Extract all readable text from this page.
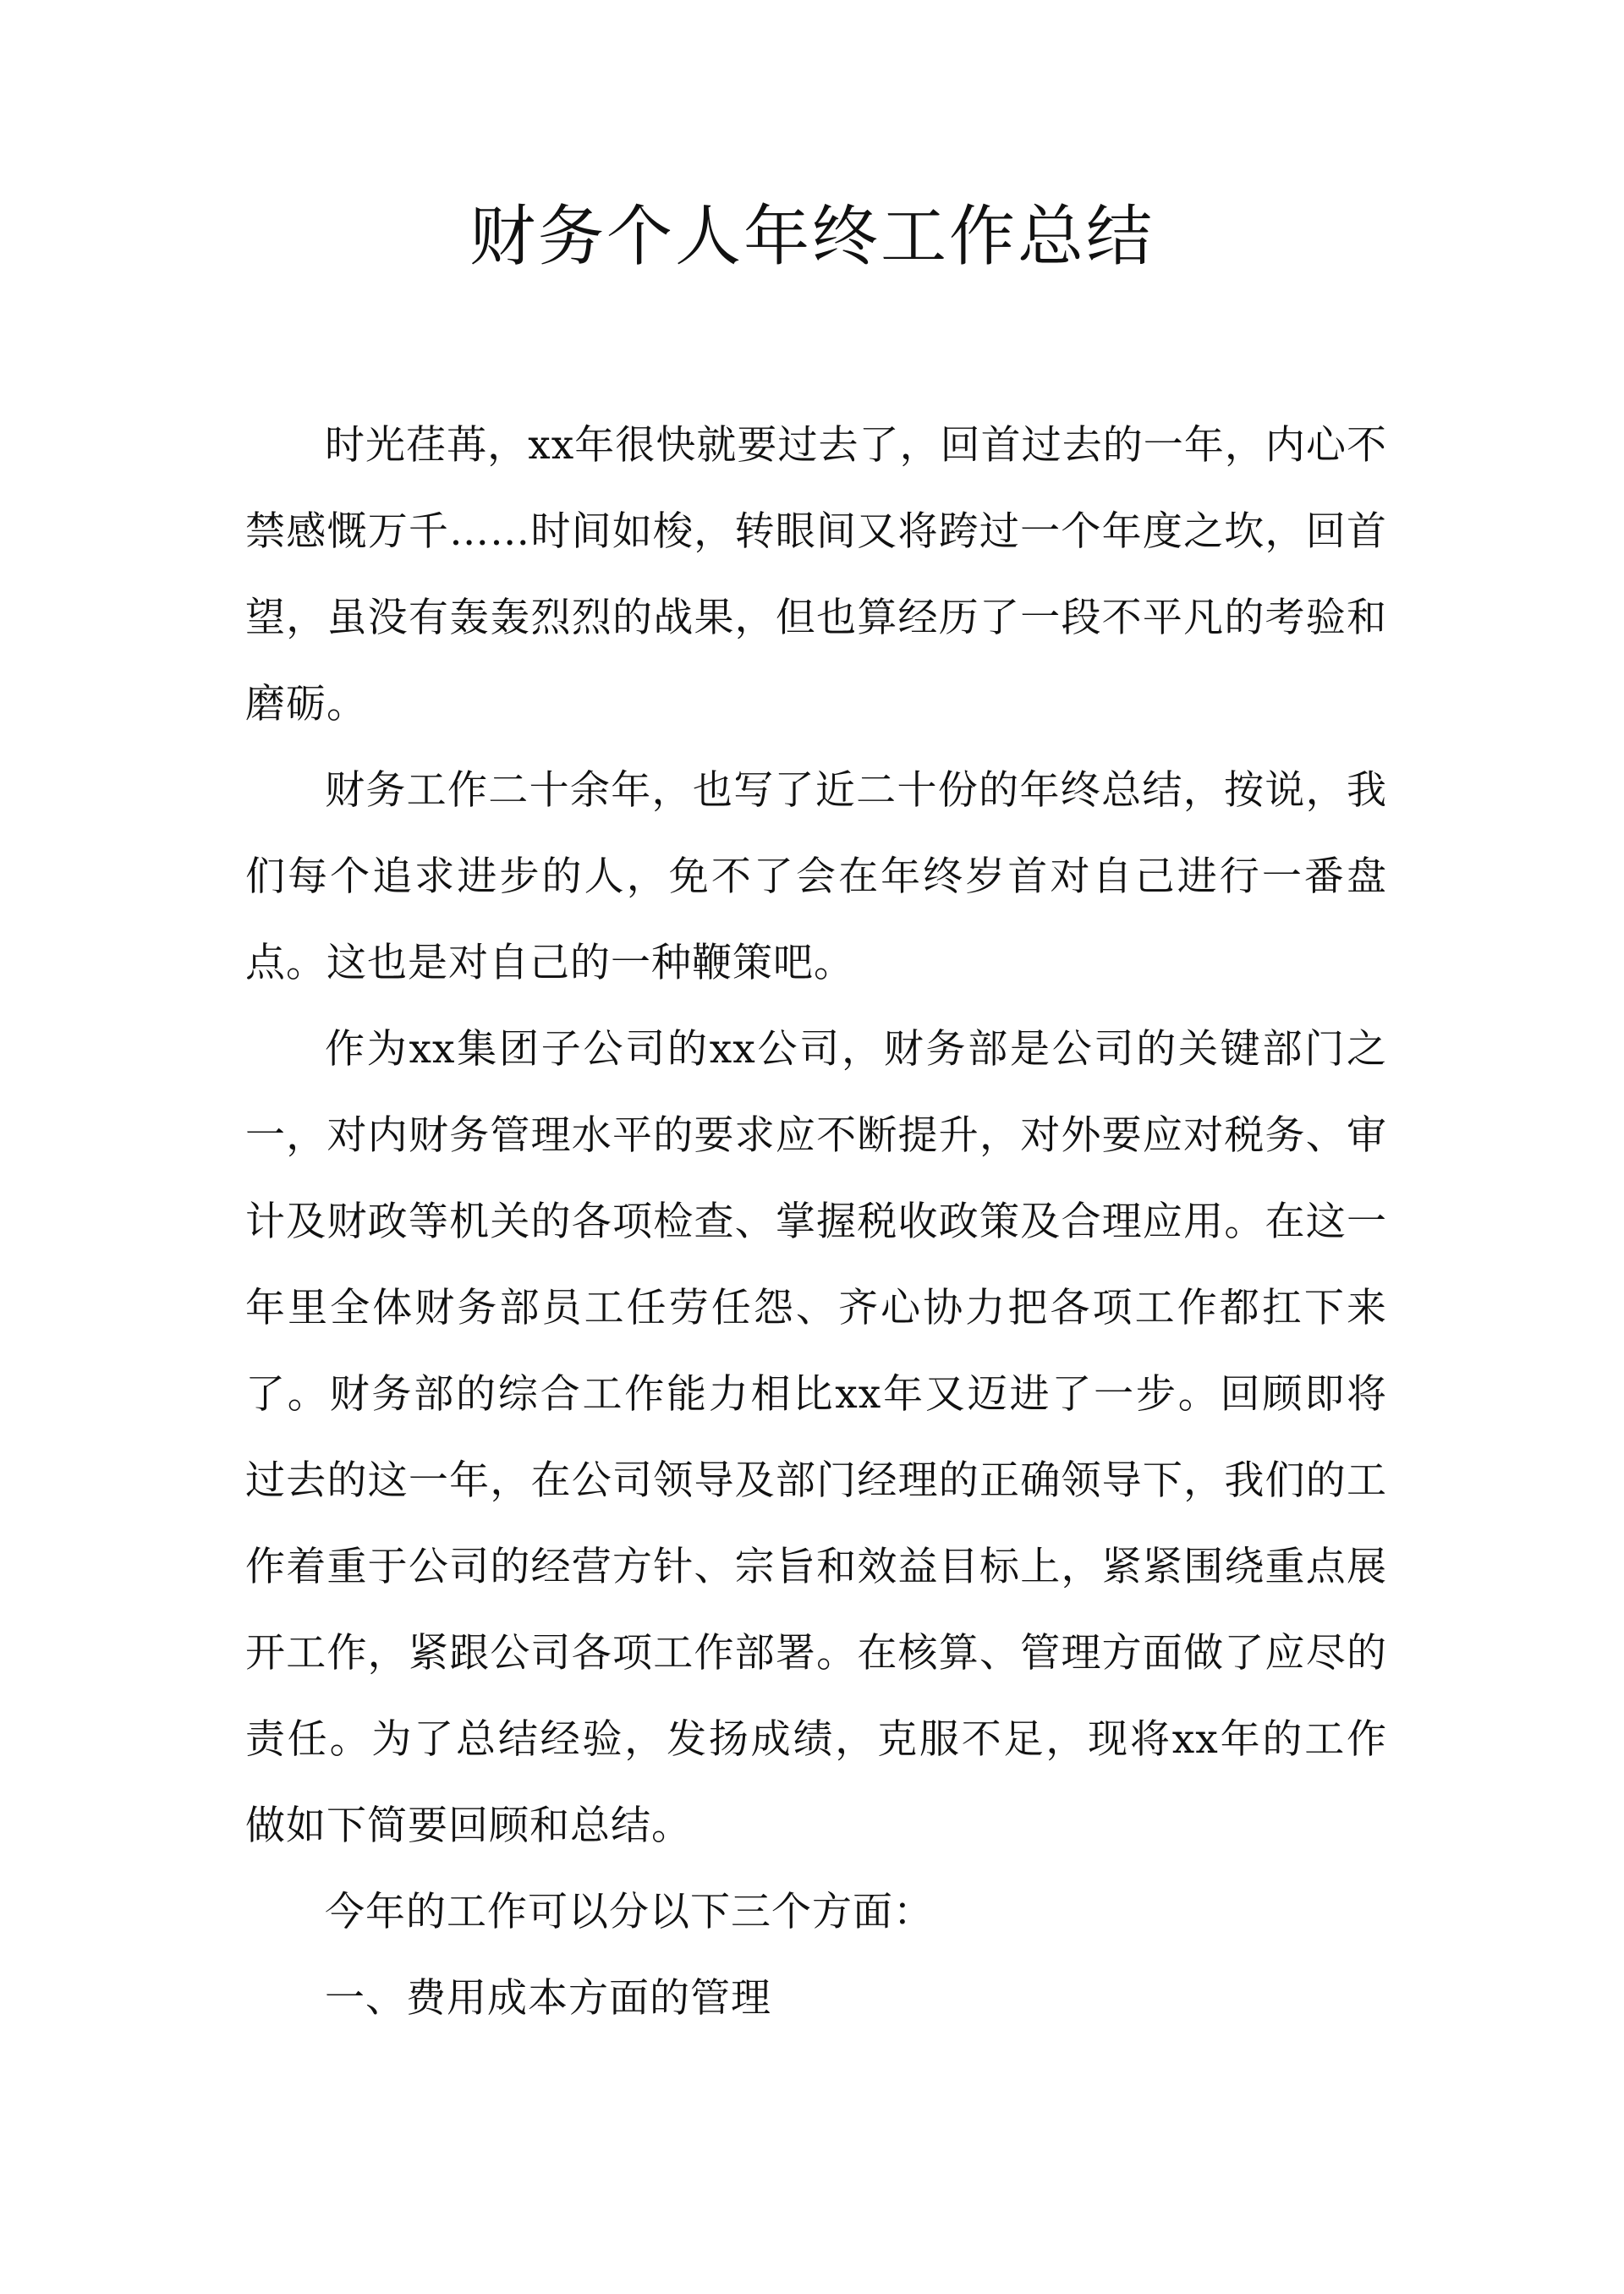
财务个人年终工作总结

时光荏苒，xx年很快就要过去了，回首过去的一年，内心不禁感慨万千……时间如梭，转眼间又将跨过一个年度之坎，回首望，虽没有轰轰烈烈的战果，但也算经历了一段不平凡的考验和磨砺。

财务工作二十余年，也写了近二十份的年终总结，按说，我们每个追求进步的人，免不了会在年终岁首对自己进行一番盘点。这也是对自己的一种鞭策吧。

作为xx集团子公司的xx公司，财务部是公司的关键部门之一，对内财务管理水平的要求应不断提升，对外要应对税务、审计及财政等机关的各项检查、掌握税收政策及合理应用。在这一年里全体财务部员工任劳任怨、齐心协力把各项工作都扛下来了。财务部的综合工作能力相比xx年又迈进了一步。回顾即将过去的这一年，在公司领导及部门经理的正确领导下，我们的工作着重于公司的经营方针、宗旨和效益目标上，紧紧围绕重点展开工作，紧跟公司各项工作部署。在核算、管理方面做了应尽的责任。为了总结经验，发扬成绩，克服不足，现将xx年的工作做如下简要回顾和总结。

今年的工作可以分以下三个方面：

一、费用成本方面的管理
